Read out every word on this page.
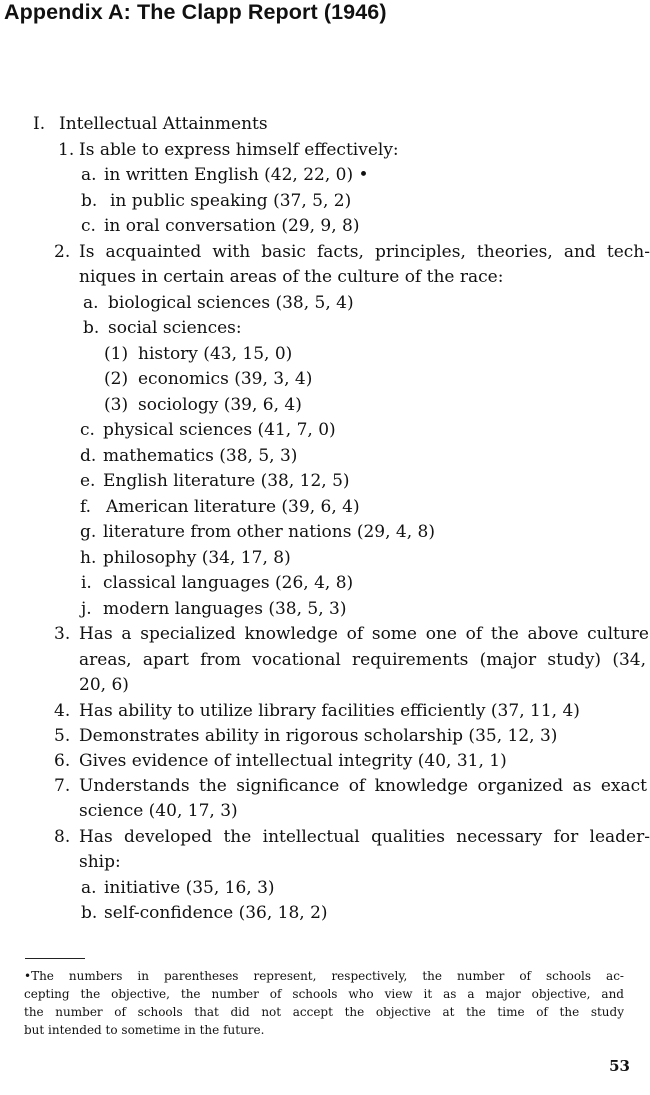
Appendix A: The Clapp Report (1946)
I. Intellectual Attainments
1. Is able to express himself effectively:
a. in written English (42, 22, 0) •
b. in public speaking (37, 5, 2)
c. in oral conversation (29, 9, 8)
2. Is acquainted with basic facts, principles, theories, and tech-
niques in certain areas of the culture of the race:
a. biological sciences (38, 5, 4)
b. social sciences:
(1) history (43, 15, 0)
(2) economics (39, 3, 4)
(3) sociology (39, 6, 4)
c. physical sciences (41, 7, 0)
d. mathematics (38, 5, 3)
e. English literature (38, 12, 5)
f. American literature (39, 6, 4)
g. literature from other nations (29, 4, 8)
h. philosophy (34, 17, 8)
i. classical languages (26, 4, 8)
j. modern languages (38, 5, 3)
3. Has a specialized knowledge of some one of the above culture
areas, apart from vocational requirements (major study) (34,
20, 6)
4. Has ability to utilize library facilities efficiently (37, 11, 4)
5. Demonstrates ability in rigorous scholarship (35, 12, 3)
6. Gives evidence of intellectual integrity (40, 31, 1)
7. Understands the significance of knowledge organized as exact
science (40, 17, 3)
8. Has developed the intellectual qualities necessary for leader-
ship:
a. initiative (35, 16, 3)
b. self-confidence (36, 18, 2)
•The numbers in parentheses represent, respectively, the number of schools ac-
cepting the objective, the number of schools who view it as a major objective, and
the number of schools that did not accept the objective at the time of the study
but intended to sometime in the future.
53
